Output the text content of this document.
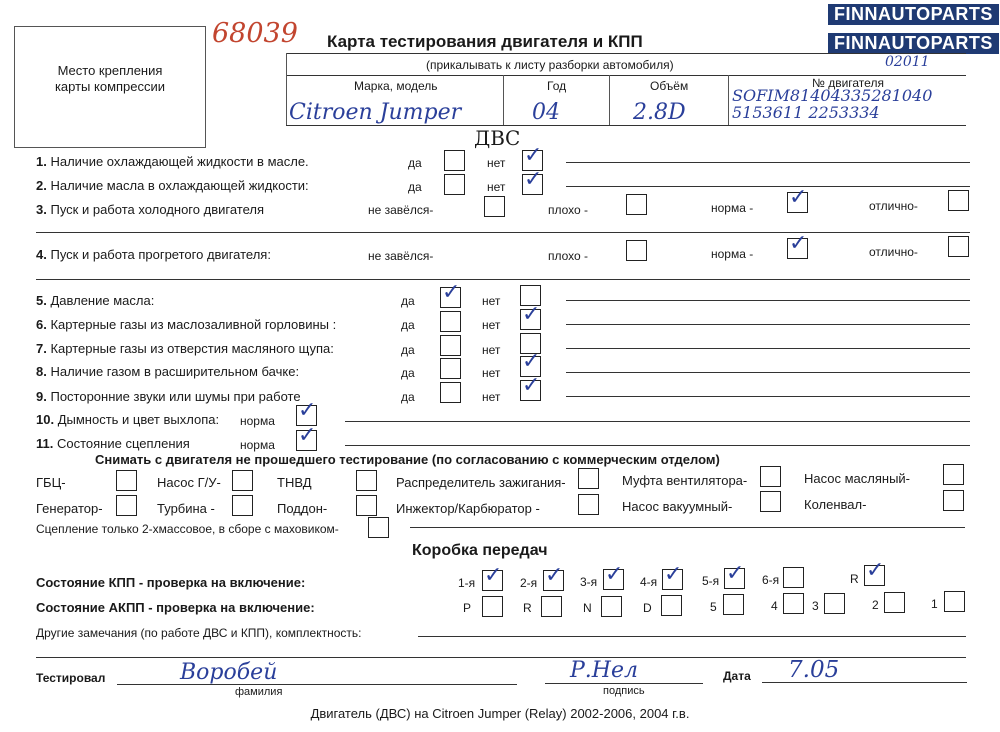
FINNAUTOPARTS
FINNAUTOPARTS
Место крепления
карты компрессии
68039 Карта тестирования двигателя и КПП
02011
(прикалывать к листу разборки автомобиля)
Марка, модель	Год	Объём	№ двигателя
Citroen Jumper	04	2.8D
SOFIM81404335281040
5153611 2253334
ДВС
1. Наличие охлаждающей жидкости в масле.	да	нет ✓
2. Наличие масла в охлаждающей жидкости:	да	нет ✓
3. Пуск и работа холодного двигателя	не завёлся-	плохо -	норма - ✓	отлично-
4. Пуск и работа прогретого двигателя:	не завёлся-	плохо -	норма - ✓	отлично-
5. Давление масла:	да ✓ нет
6. Картерные газы из маслозаливной горловины :	да	нет ✓
7. Картерные газы из отверстия масляного щупа:	да	нет
8. Наличие газом в расширительном бачке:	да	нет ✓
9. Посторонние звуки или шумы при работе	да	нет ✓
10. Дымность и цвет выхлопа: норма ✓
11. Состояние сцепления	норма ✓
Снимать с двигателя не прошедшего тестирование (по согласованию с коммерческим отделом)
ГБЦ-	Насос Г/У-	ТНВД	Распределитель зажигания-	Муфта вентилятора-	Насос масляный-
Генератор-	Турбина -	Поддон-	Инжектор/Карбюратор -	Насос вакуумный-	Коленвал-
Сцепление только 2-хмассовое, в сборе с маховиком-
Коробка передач
Состояние КПП - проверка на включение:	1-я ✓ 2-я ✓ 3-я ✓ 4-я ✓ 5-я ✓ 6-я	R ✓
Состояние АКПП - проверка на включение:	P	R	N	D	5	4	3	2	1
Другие замечания (по работе ДВС и КПП), комплектность:
Тестировал	Воробей
фамилия
Р.Нел
подпись
Дата 7.05
Двигатель (ДВС) на Citroen Jumper (Relay) 2002-2006, 2004 г.в.
